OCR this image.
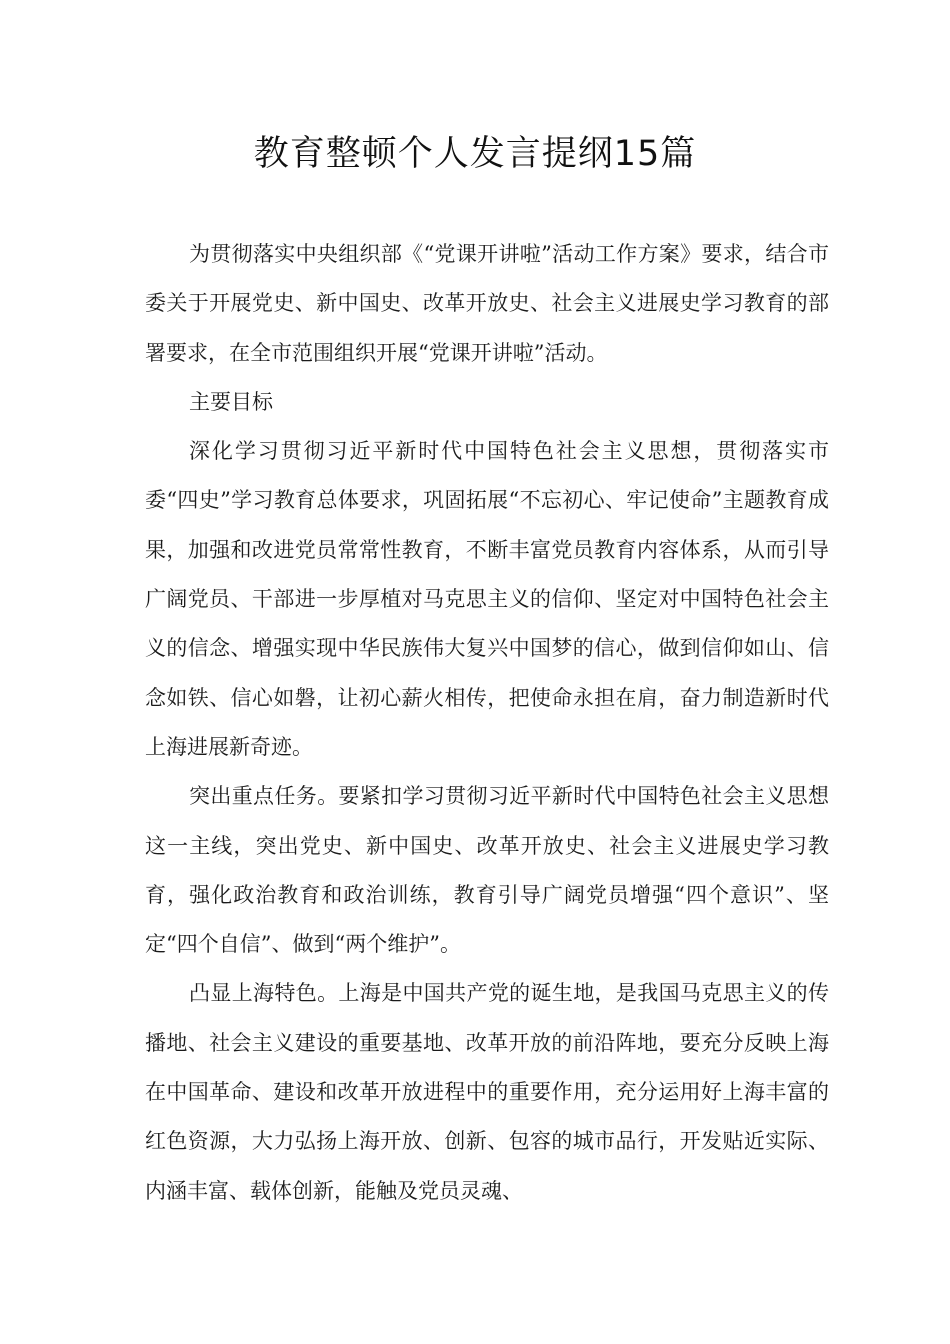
教育整顿个人发言提纲15篇

为贯彻落实中央组织部《“党课开讲啦”活动工作方案》要求，结合市委关于开展党史、新中国史、改革开放史、社会主义进展史学习教育的部署要求，在全市范围组织开展“党课开讲啦”活动。

主要目标

深化学习贯彻习近平新时代中国特色社会主义思想，贯彻落实市委“四史”学习教育总体要求，巩固拓展“不忘初心、牢记使命”主题教育成果，加强和改进党员常常性教育，不断丰富党员教育内容体系，从而引导广阔党员、干部进一步厚植对马克思主义的信仰、坚定对中国特色社会主义的信念、增强实现中华民族伟大复兴中国梦的信心，做到信仰如山、信念如铁、信心如磐，让初心薪火相传，把使命永担在肩，奋力制造新时代上海进展新奇迹。

突出重点任务。要紧扣学习贯彻习近平新时代中国特色社会主义思想这一主线，突出党史、新中国史、改革开放史、社会主义进展史学习教育，强化政治教育和政治训练，教育引导广阔党员增强“四个意识”、坚定“四个自信”、做到“两个维护”。

凸显上海特色。上海是中国共产党的诞生地，是我国马克思主义的传播地、社会主义建设的重要基地、改革开放的前沿阵地，要充分反映上海在中国革命、建设和改革开放进程中的重要作用，充分运用好上海丰富的红色资源，大力弘扬上海开放、创新、包容的城市品行，开发贴近实际、内涵丰富、载体创新，能触及党员灵魂、
